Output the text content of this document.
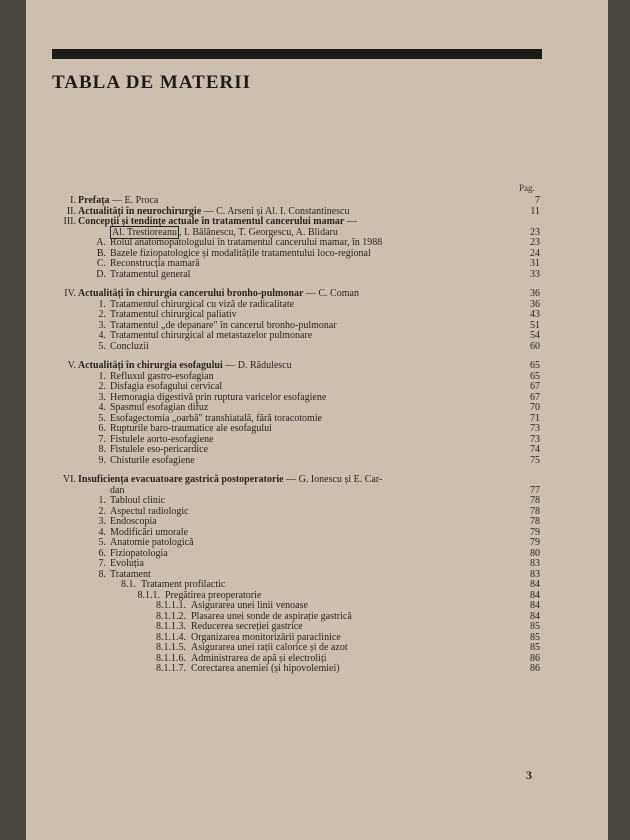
TABLA DE MATERII
Pag.
I. Prefața — E. Proca	7
II. Actualități în neurochirurgie — C. Arseni și Al. I. Constantinescu	11
III. Concepții și tendințe actuale în tratamentul cancerului mamar —
Al. Trestioreanu , I. Bălănescu, T. Georgescu, A. Blidaru	23
A. Rolul anatomopatologului în tratamentul cancerului mamar, în 1988	23
B. Bazele fiziopatologice și modalitățile tratamentului loco-regional	24
C. Reconstrucția mamară	31
D. Tratamentul general	33
IV. Actualități în chirurgia cancerului bronho-pulmonar — C. Coman	36
1. Tratamentul chirurgical cu viză de radicalitate	36
2. Tratamentul chirurgical paliativ	43
3. Tratamentul „de depanare" în cancerul bronho-pulmonar	51
4. Tratamentul chirurgical al metastazelor pulmonare	54
5. Concluzii	60
V. Actualități în chirurgia esofagului — D. Rădulescu	65
1. Refluxul gastro-esofagian	65
2. Disfagia esofagului cervical	67
3. Hemoragia digestivă prin ruptura varicelor esofagiene	67
4. Spasmul esofagian difuz	70
5. Esofagectomia „oarbă" transhiatală, fără toracotomie	71
6. Rupturile baro-traumatice ale esofagului	73
7. Fistulele aorto-esofagiene	73
8. Fistulele eso-pericardice	74
9. Chisturile esofagiene	75
VI. Insuficiența evacuatoare gastrică postoperatorie — G. Ionescu și E. Car-
dan	77
1. Tabloul clinic	78
2. Aspectul radiologic	78
3. Endoscopia	78
4. Modificări umorale	79
5. Anatomie patologică	79
6. Fiziopatologia	80
7. Evoluția	83
8. Tratament	83
8.1. Tratament profilactic	84
8.1.1. Pregătirea preoperatorie	84
8.1.1.1. Asigurarea unei linii venoase	84
8.1.1.2. Plasarea unei sonde de aspirație gastrică	84
8.1.1.3. Reducerea secreției gastrice	85
8.1.1.4. Organizarea monitorizării paraclinice	85
8.1.1.5. Asigurarea unei rații calorice și de azot	85
8.1.1.6. Administrarea de apă și electroliți	86
8.1.1.7. Corectarea anemiei (și hipovolemiei)	86
3
